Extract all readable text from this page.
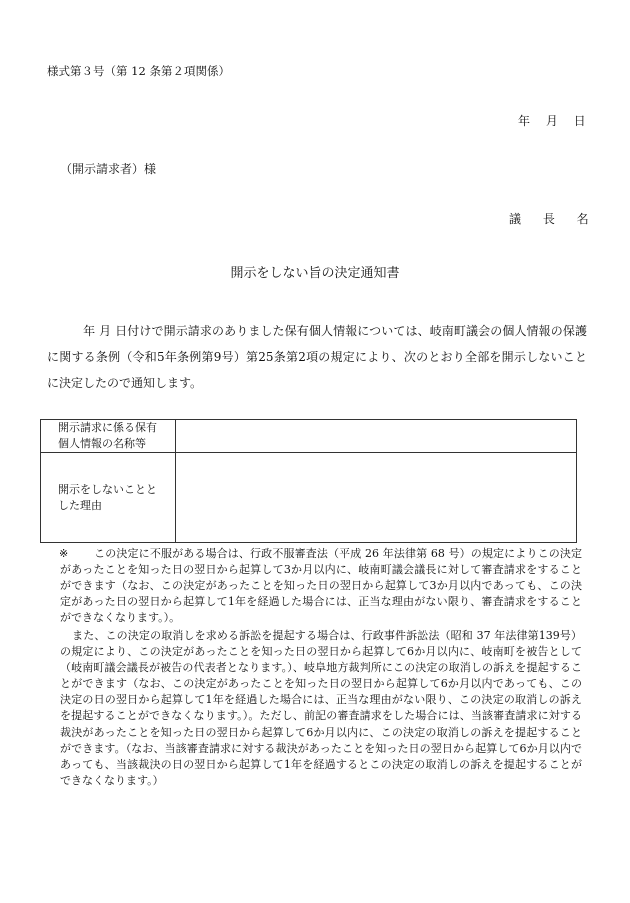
様式第３号（第 12 条第２項関係）
年 月 日
（開示請求者）様
議 長 名
開示をしない旨の決定通知書

年 月 日付けで開示請求のありました保有個人情報については、岐南町議会の個人情報の保護に関する条例（令和5年条例第9号）第25条第2項の規定により、次のとおり全部を開示しないことに決定したので通知します。

開示請求に係る保有
個人情報の名称等
開示をしないことと
した理由
※	この決定に不服がある場合は、行政不服審査法（平成 26 年法律第 68 号）の規定によりこの決定があったことを知った日の翌日から起算して3か月以内に、岐南町議会議長に対して審査請求をすることができます（なお、この決定があったことを知った日の翌日から起算して3か月以内であっても、この決定があった日の翌日から起算して1年を経過した場合には、正当な理由がない限り、審査請求をすることができなくなります。）。

また、この決定の取消しを求める訴訟を提起する場合は、行政事件訴訟法（昭和 37 年法律第139号）の規定により、この決定があったことを知った日の翌日から起算して6か月以内に、岐南町を被告として（岐南町議会議長が被告の代表者となります。）、岐阜地方裁判所にこの決定の取消しの訴えを提起することができます（なお、この決定があったことを知った日の翌日から起算して6か月以内であっても、この決定の日の翌日から起算して1年を経過した場合には、正当な理由がない限り、この決定の取消しの訴えを提起することができなくなります。）。ただし、前記の審査請求をした場合には、当該審査請求に対する裁決があったことを知った日の翌日から起算して6か月以内に、この決定の取消しの訴えを提起することができます。（なお、当該審査請求に対する裁決があったことを知った日の翌日から起算して6か月以内であっても、当該裁決の日の翌日から起算して1年を経過するとこの決定の取消しの訴えを提起することができなくなります。）
